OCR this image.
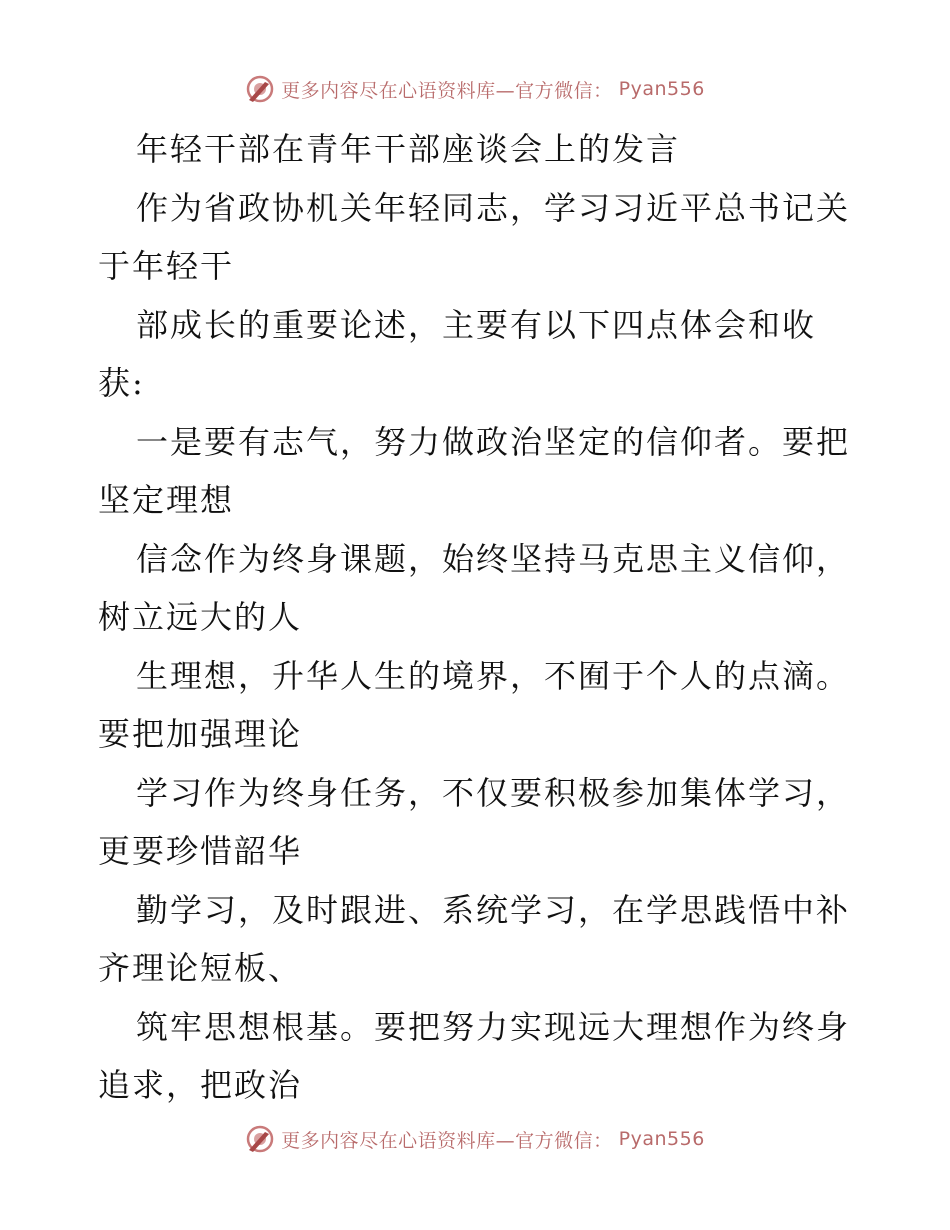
更多内容尽在心语资料库—官方微信： Pyan556

年轻干部在青年干部座谈会上的发言

作为省政协机关年轻同志，学习习近平总书记关于年轻干

部成长的重要论述，主要有以下四点体会和收获:

一是要有志气，努力做政治坚定的信仰者。要把坚定理想

信念作为终身课题，始终坚持马克思主义信仰，树立远大的人

生理想，升华人生的境界，不囿于个人的点滴。要把加强理论

学习作为终身任务，不仅要积极参加集体学习，更要珍惜韶华

勤学习，及时跟进、系统学习，在学思践悟中补齐理论短板、

筑牢思想根基。要把努力实现远大理想作为终身追求，把政治

更多内容尽在心语资料库—官方微信： Pyan556
